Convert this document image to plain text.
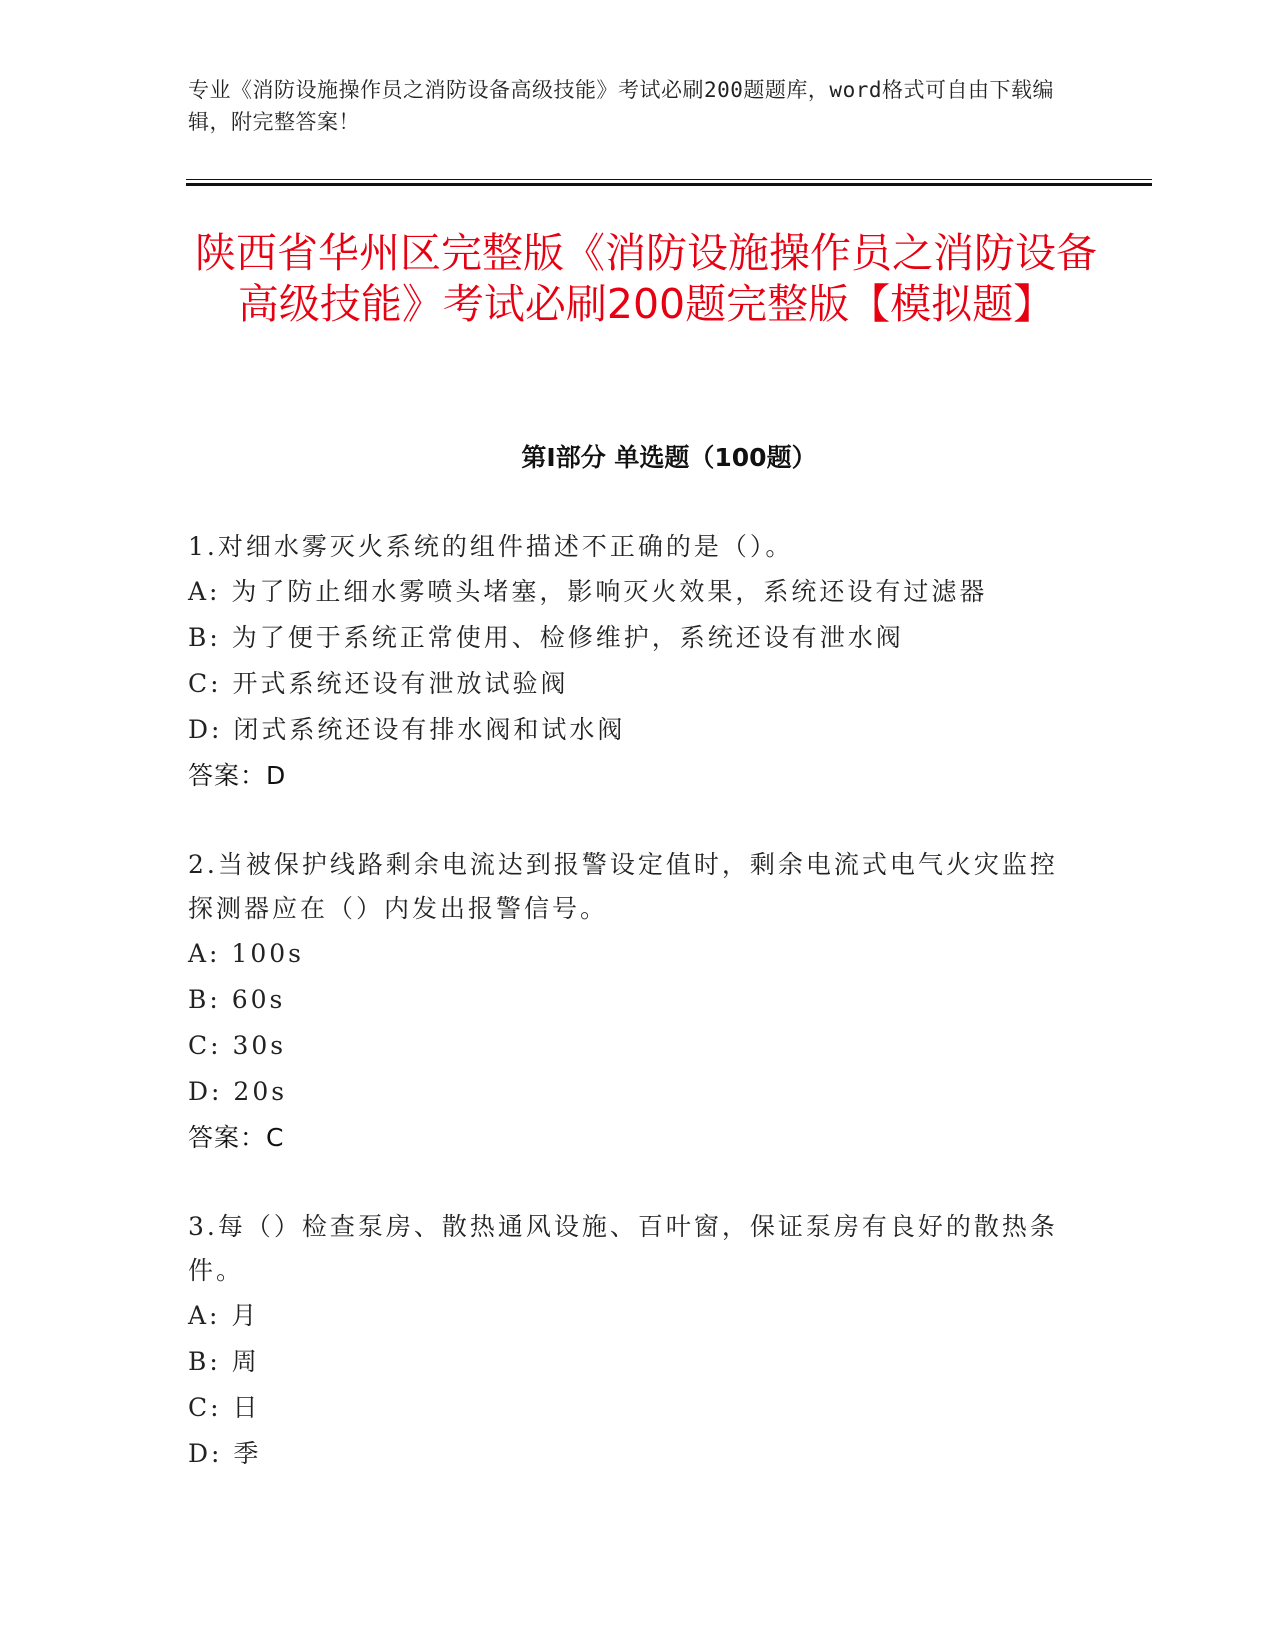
专业《消防设施操作员之消防设备高级技能》考试必刷200题题库，word格式可自由下载编辑，附完整答案！
陕西省华州区完整版《消防设施操作员之消防设备高级技能》考试必刷200题完整版【模拟题】
第Ⅰ部分 单选题（100题）

1.对细水雾灭火系统的组件描述不正确的是（）。

A: 为了防止细水雾喷头堵塞，影响灭火效果，系统还设有过滤器

B: 为了便于系统正常使用、检修维护，系统还设有泄水阀

C: 开式系统还设有泄放试验阀

D: 闭式系统还设有排水阀和试水阀

答案：D

2.当被保护线路剩余电流达到报警设定值时，剩余电流式电气火灾监控探测器应在（）内发出报警信号。

A: 100s

B: 60s

C: 30s

D: 20s

答案：C

3.每（）检查泵房、散热通风设施、百叶窗，保证泵房有良好的散热条件。

A: 月

B: 周

C: 日

D: 季
